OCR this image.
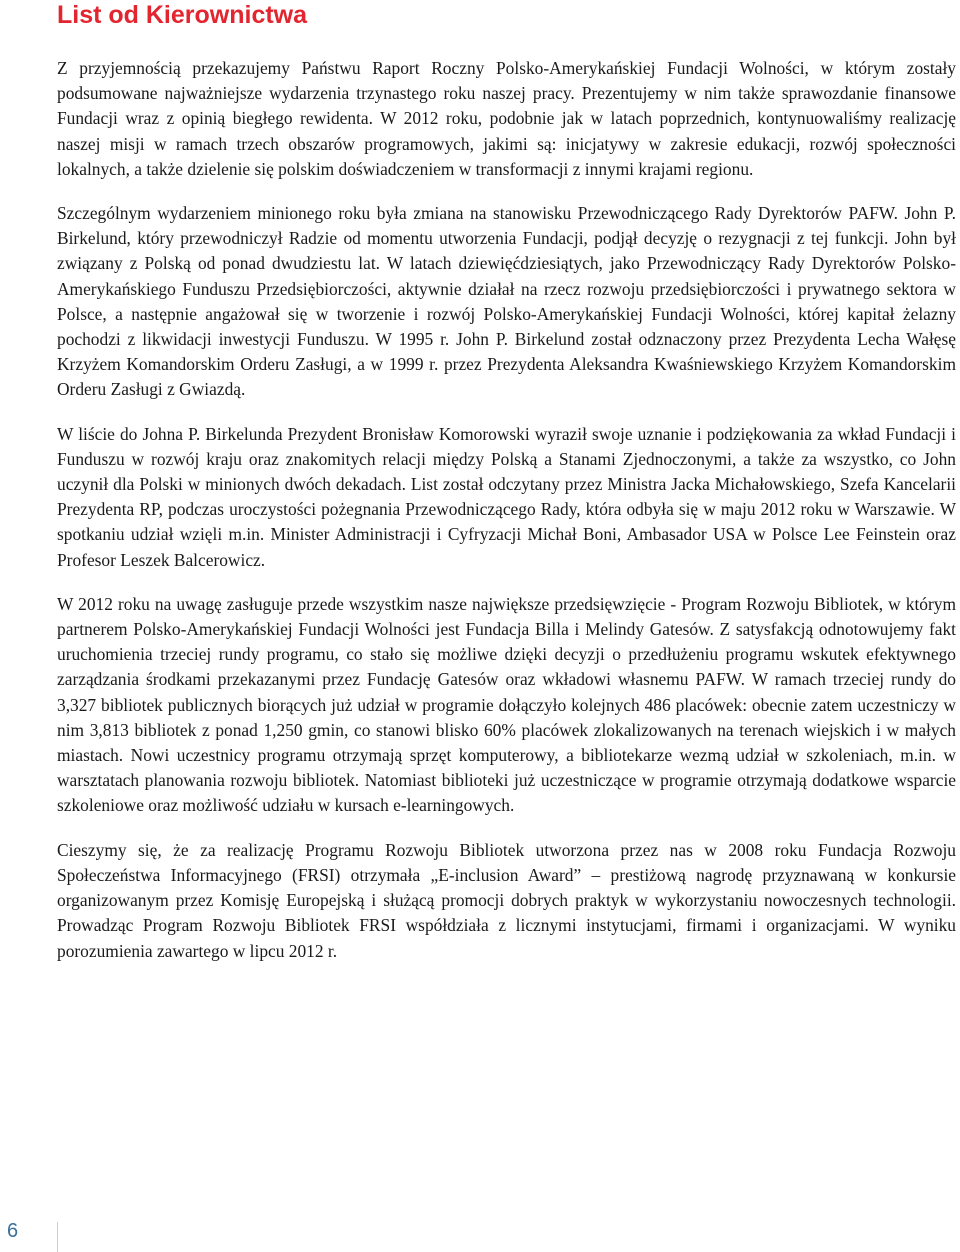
List od Kierownictwa

Z przyjemnością przekazujemy Państwu Raport Roczny Polsko-Amerykańskiej Fundacji Wolności, w którym zostały podsumowane najważniejsze wydarzenia trzynastego roku naszej pracy. Prezentujemy w nim także sprawozdanie finansowe Fundacji wraz z opinią biegłego rewidenta. W 2012 roku, podobnie jak w latach poprzednich, kontynuowaliśmy realizację naszej misji w ramach trzech obszarów programowych, jakimi są: inicjatywy w zakresie edukacji, rozwój społeczności lokalnych, a także dzielenie się polskim doświadczeniem w transformacji z innymi krajami regionu.

Szczególnym wydarzeniem minionego roku była zmiana na stanowisku Przewodniczącego Rady Dyrektorów PAFW. John P. Birkelund, który przewodniczył Radzie od momentu utworzenia Fundacji, podjął decyzję o rezygnacji z tej funkcji. John był związany z Polską od ponad dwudziestu lat. W latach dziewięćdziesiątych, jako Przewodniczący Rady Dyrektorów Polsko-Amerykańskiego Funduszu Przedsiębiorczości, aktywnie działał na rzecz rozwoju przedsiębiorczości i prywatnego sektora w Polsce, a następnie angażował się w tworzenie i rozwój Polsko-Amerykańskiej Fundacji Wolności, której kapitał żelazny pochodzi z likwidacji inwestycji Funduszu. W 1995 r. John P. Birkelund został odznaczony przez Prezydenta Lecha Wałęsę Krzyżem Komandorskim Orderu Zasługi, a w 1999 r. przez Prezydenta Aleksandra Kwaśniewskiego Krzyżem Komandorskim Orderu Zasługi z Gwiazdą.

W liście do Johna P. Birkelunda Prezydent Bronisław Komorowski wyraził swoje uznanie i podziękowania za wkład Fundacji i Funduszu w rozwój kraju oraz znakomitych relacji między Polską a Stanami Zjednoczonymi, a także za wszystko, co John uczynił dla Polski w minionych dwóch dekadach. List został odczytany przez Ministra Jacka Michałowskiego, Szefa Kancelarii Prezydenta RP, podczas uroczystości pożegnania Przewodniczącego Rady, która odbyła się w maju 2012 roku w Warszawie. W spotkaniu udział wzięli m.in. Minister Administracji i Cyfryzacji Michał Boni, Ambasador USA w Polsce Lee Feinstein oraz Profesor Leszek Balcerowicz.

W 2012 roku na uwagę zasługuje przede wszystkim nasze największe przedsięwzięcie - Program Rozwoju Bibliotek, w którym partnerem Polsko-Amerykańskiej Fundacji Wolności jest Fundacja Billa i Melindy Gatesów. Z satysfakcją odnotowujemy fakt uruchomienia trzeciej rundy programu, co stało się możliwe dzięki decyzji o przedłużeniu programu wskutek efektywnego zarządzania środkami przekazanymi przez Fundację Gatesów oraz wkładowi własnemu PAFW. W ramach trzeciej rundy do 3,327 bibliotek publicznych biorących już udział w programie dołączyło kolejnych 486 placówek: obecnie zatem uczestniczy w nim 3,813 bibliotek z ponad 1,250 gmin, co stanowi blisko 60% placówek zlokalizowanych na terenach wiejskich i w małych miastach. Nowi uczestnicy programu otrzymają sprzęt komputerowy, a bibliotekarze wezmą udział w szkoleniach, m.in. w warsztatach planowania rozwoju bibliotek. Natomiast biblioteki już uczestniczące w programie otrzymają dodatkowe wsparcie szkoleniowe oraz możliwość udziału w kursach e-learningowych.

Cieszymy się, że za realizację Programu Rozwoju Bibliotek utworzona przez nas w 2008 roku Fundacja Rozwoju Społeczeństwa Informacyjnego (FRSI) otrzymała „E-inclusion Award” – prestiżową nagrodę przyznawaną w konkursie organizowanym przez Komisję Europejską i służącą promocji dobrych praktyk w wykorzystaniu nowoczesnych technologii. Prowadząc Program Rozwoju Bibliotek FRSI współdziała z licznymi instytucjami, firmami i organizacjami. W wyniku porozumienia zawartego w lipcu 2012 r.

6
